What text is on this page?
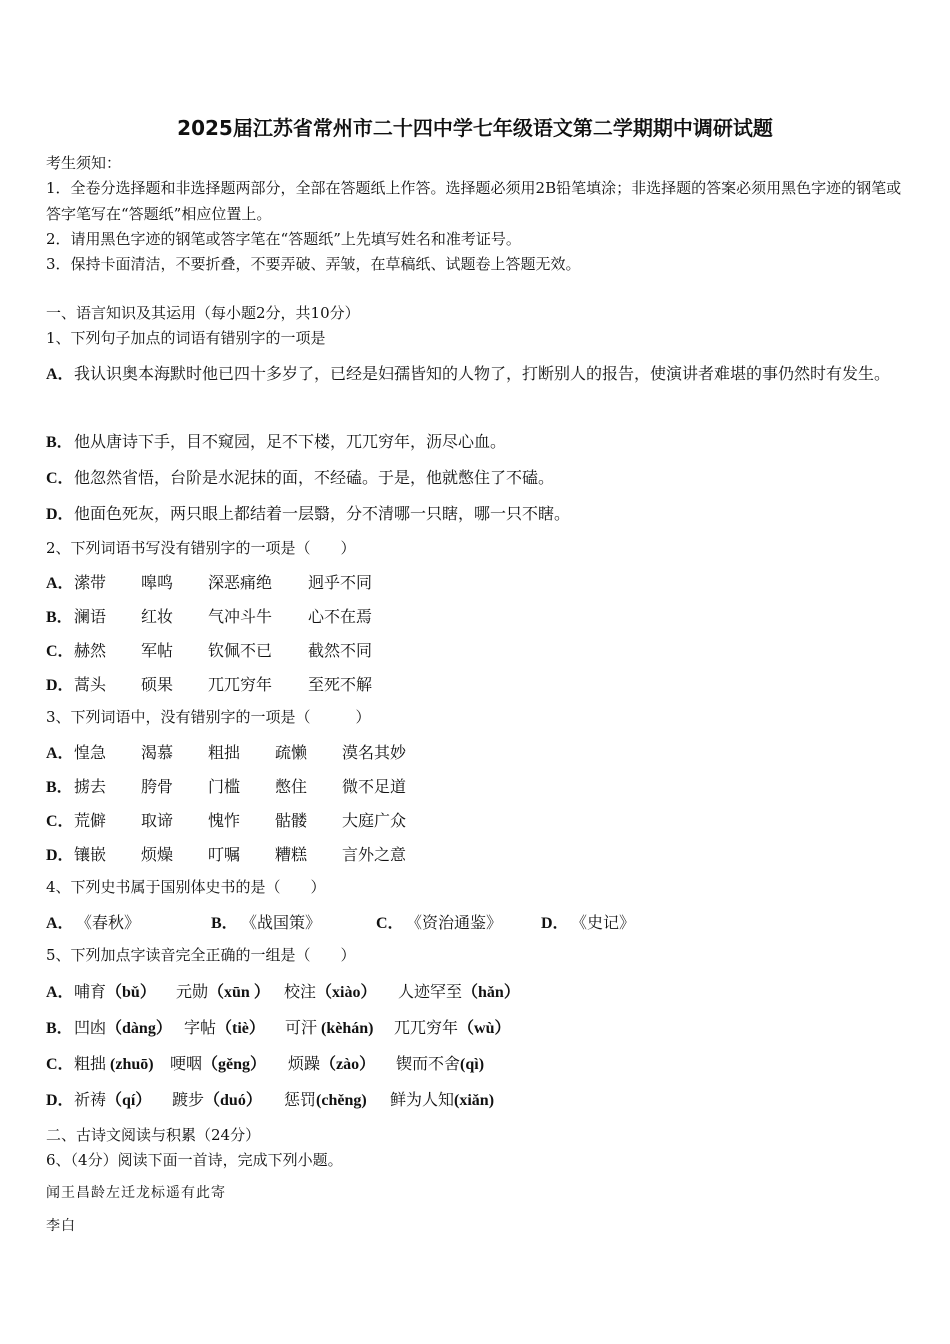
2025届江苏省常州市二十四中学七年级语文第二学期期中调研试题
考生须知：
1．全卷分选择题和非选择题两部分，全部在答题纸上作答。选择题必须用2B铅笔填涂；非选择题的答案必须用黑色字迹的钢笔或答字笔写在“答题纸”相应位置上。
2．请用黑色字迹的钢笔或答字笔在“答题纸”上先填写姓名和准考证号。
3．保持卡面清洁，不要折叠，不要弄破、弄皱，在草稿纸、试题卷上答题无效。
一、语言知识及其运用（每小题2分，共10分）
1、下列句子加点的词语有错别字的一项是
A．我认识奥本海默时他已四十多岁了，已经是妇孺皆知的人物了，打断别人的报告，使演讲者难堪的事仍然时有发生。
B．他从唐诗下手，目不窥园，足不下楼，兀兀穷年，沥尽心血。
C．他忽然省悟，台阶是水泥抹的面，不经磕。于是，他就憋住了不磕。
D．他面色死灰，两只眼上都结着一层翳，分不清哪一只瞎，哪一只不瞎。
2、下列词语书写没有错别字的一项是（　　）
A．潆带 嗥鸣 深恶痛绝 迥乎不同
B．澜语 红妆 气冲斗牛 心不在焉
C．赫然 军帖 钦佩不已 截然不同
D．蒿头 硕果 兀兀穷年 至死不解
3、下列词语中，没有错别字的一项是（　　　）
A．惶急 渴慕 粗拙 疏懒 漠名其妙
B．掳去 胯骨 门槛 憋住 微不足道
C．荒僻 取谛 愧怍 骷髅 大庭广众
D．镶嵌 烦燥 叮嘱 糟糕 言外之意
4、下列史书属于国别体史书的是（　　）
A． 《春秋》	B． 《战国策》	C． 《资治通鉴》 D． 《史记》
5、下列加点字读音完全正确的一组是（　　）
A．哺育（bǔ） 元勋（xūn ） 校注（xiào） 人迹罕至（hǎn）
B．凹凼（dàng） 字帖（tiè） 可汗 (kèhán) 兀兀穷年（wù）
C．粗拙 (zhuō) 哽咽（gěng） 烦躁（zào） 锲而不舍(qì)
D．祈祷（qí） 踱步（duó） 惩罚(chěng) 鲜为人知(xiǎn)
二、古诗文阅读与积累（24分）
6、（4分）阅读下面一首诗，完成下列小题。
闻王昌龄左迁龙标遥有此寄
李白
